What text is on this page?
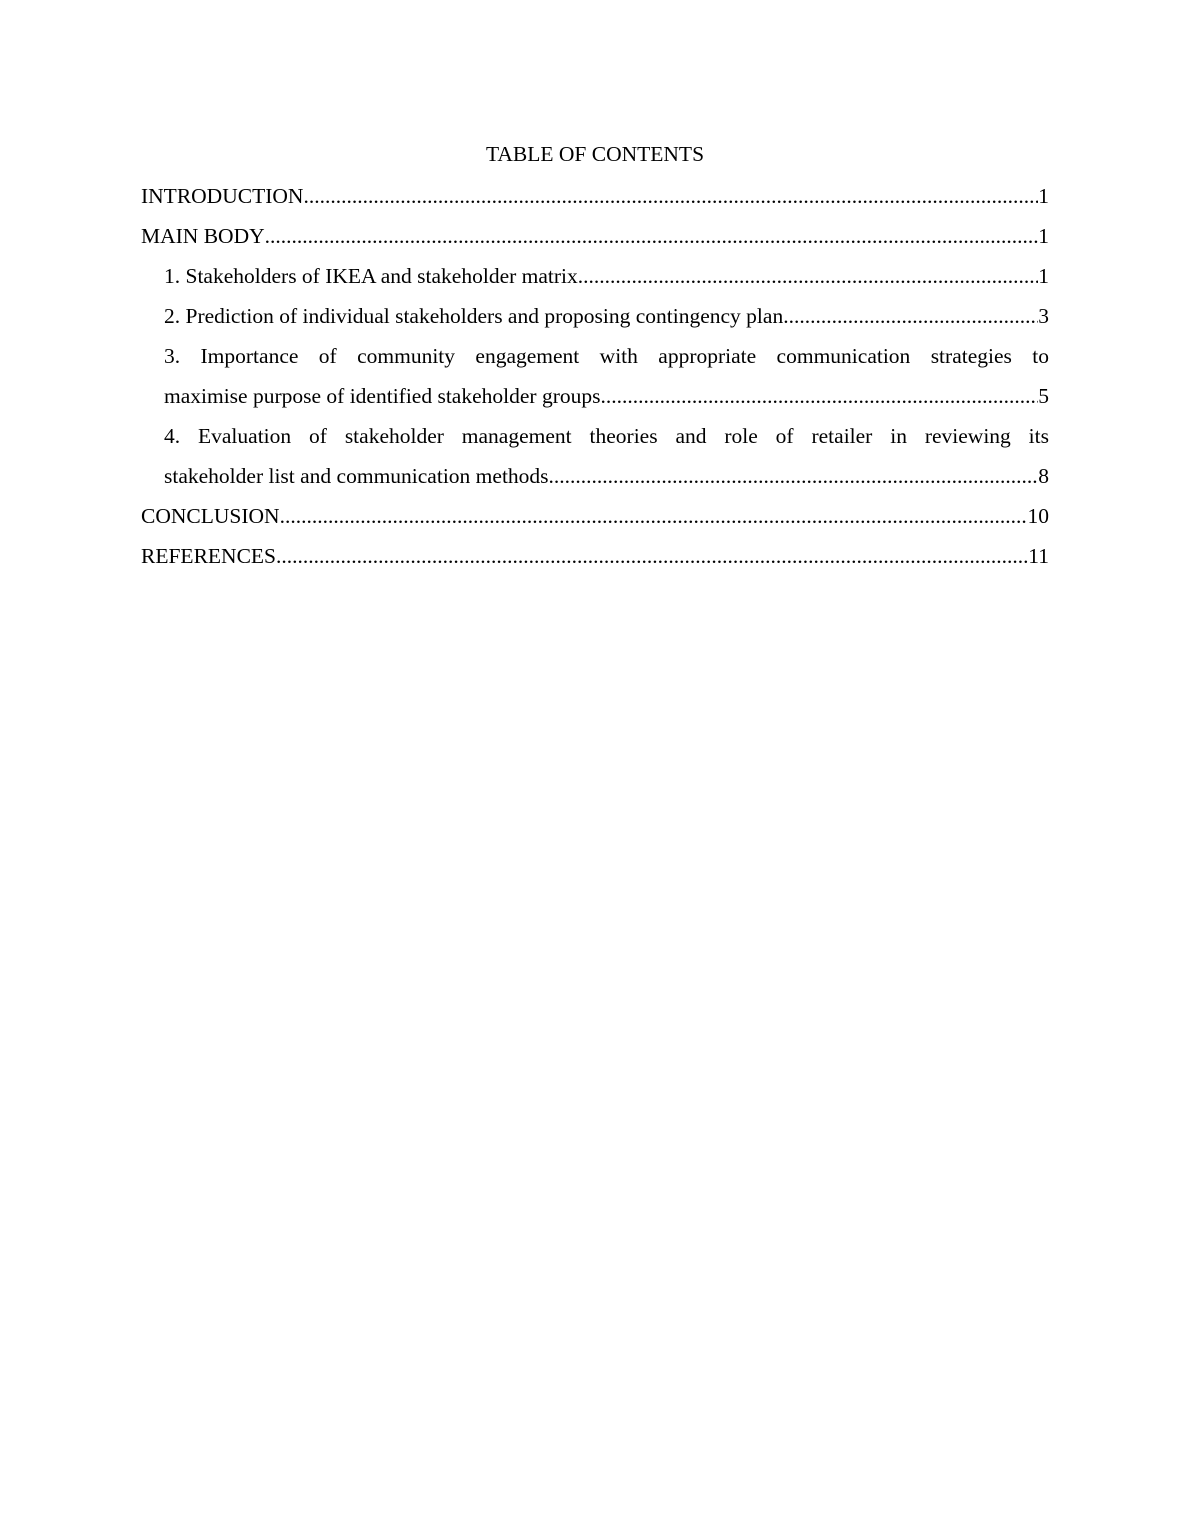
TABLE OF CONTENTS
INTRODUCTION .....	1
MAIN BODY .....	1
1. Stakeholders of IKEA and stakeholder matrix .....	1
2. Prediction of individual stakeholders and proposing contingency plan .....	3
3. Importance of community engagement with appropriate communication strategies to
maximise purpose of identified stakeholder groups .....	5
4. Evaluation of stakeholder management theories and role of retailer in reviewing its
stakeholder list and communication methods .....	8
CONCLUSION .....	10
REFERENCES .....	11
